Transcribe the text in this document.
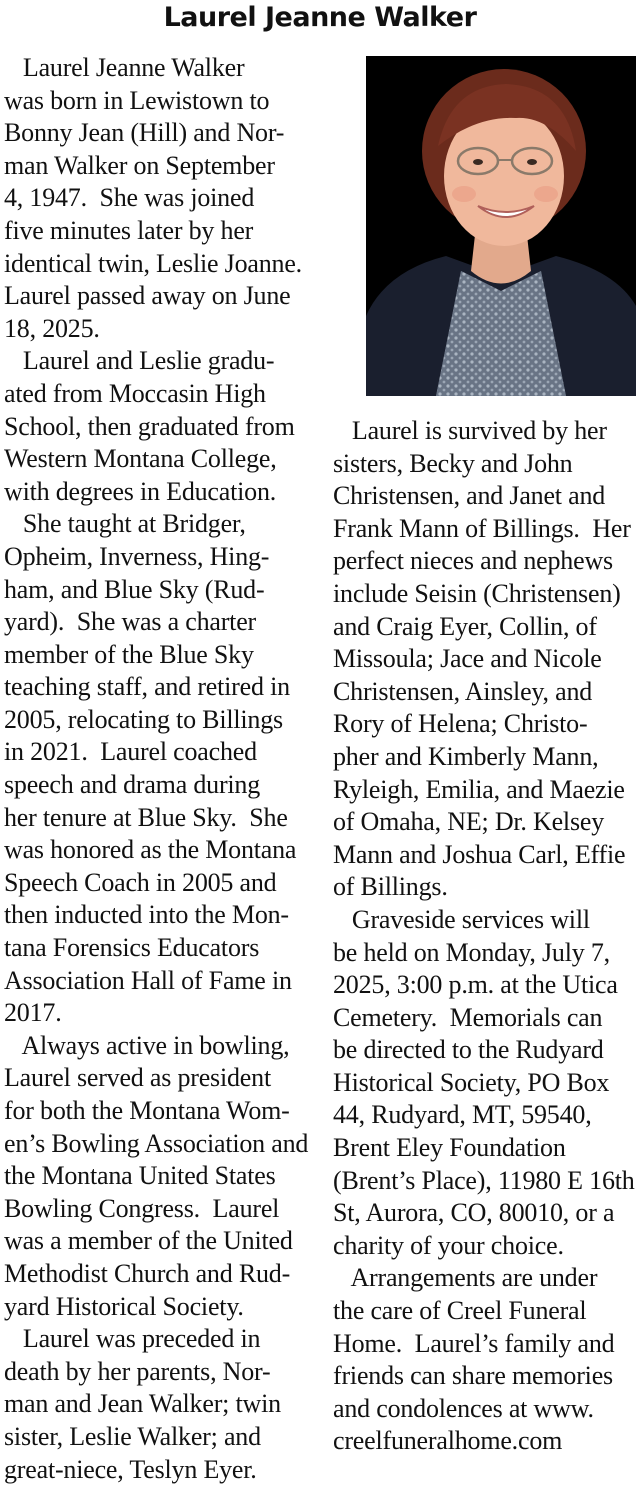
Laurel Jeanne Walker

Laurel Jeanne Walker

was born in Lewistown to

Bonny Jean (Hill) and Nor-

man Walker on September

4, 1947.  She was joined

five minutes later by her

identical twin, Leslie Joanne.

Laurel passed away on June

18, 2025.

Laurel and Leslie gradu-

ated from Moccasin High

School, then graduated from

Western Montana College,

with degrees in Education.

She taught at Bridger,

Opheim, Inverness, Hing-

ham, and Blue Sky (Rud-

yard).  She was a charter

member of the Blue Sky

teaching staff, and retired in

2005, relocating to Billings

in 2021.  Laurel coached

speech and drama during

her tenure at Blue Sky.  She

was honored as the Montana

Speech Coach in 2005 and

then inducted into the Mon-

tana Forensics Educators

Association Hall of Fame in

2017.

Always active in bowling,

Laurel served as president

for both the Montana Wom-

en’s Bowling Association and

the Montana United States

Bowling Congress.  Laurel

was a member of the United

Methodist Church and Rud-

yard Historical Society.

Laurel was preceded in

death by her parents, Nor-

man and Jean Walker; twin

sister, Leslie Walker; and

great-niece, Teslyn Eyer.

Laurel is survived by her

sisters, Becky and John

Christensen, and Janet and

Frank Mann of Billings.  Her

perfect nieces and nephews

include Seisin (Christensen)

and Craig Eyer, Collin, of

Missoula; Jace and Nicole

Christensen, Ainsley, and

Rory of Helena; Christo-

pher and Kimberly Mann,

Ryleigh, Emilia, and Maezie

of Omaha, NE; Dr. Kelsey

Mann and Joshua Carl, Effie

of Billings.

Graveside services will

be held on Monday, July 7,

2025, 3:00 p.m. at the Utica

Cemetery.  Memorials can

be directed to the Rudyard

Historical Society, PO Box

44, Rudyard, MT, 59540,

Brent Eley Foundation

(Brent’s Place), 11980 E 16th

St, Aurora, CO, 80010, or a

charity of your choice.

Arrangements are under

the care of Creel Funeral

Home.  Laurel’s family and

friends can share memories

and condolences at www.

creelfuneralhome.com
